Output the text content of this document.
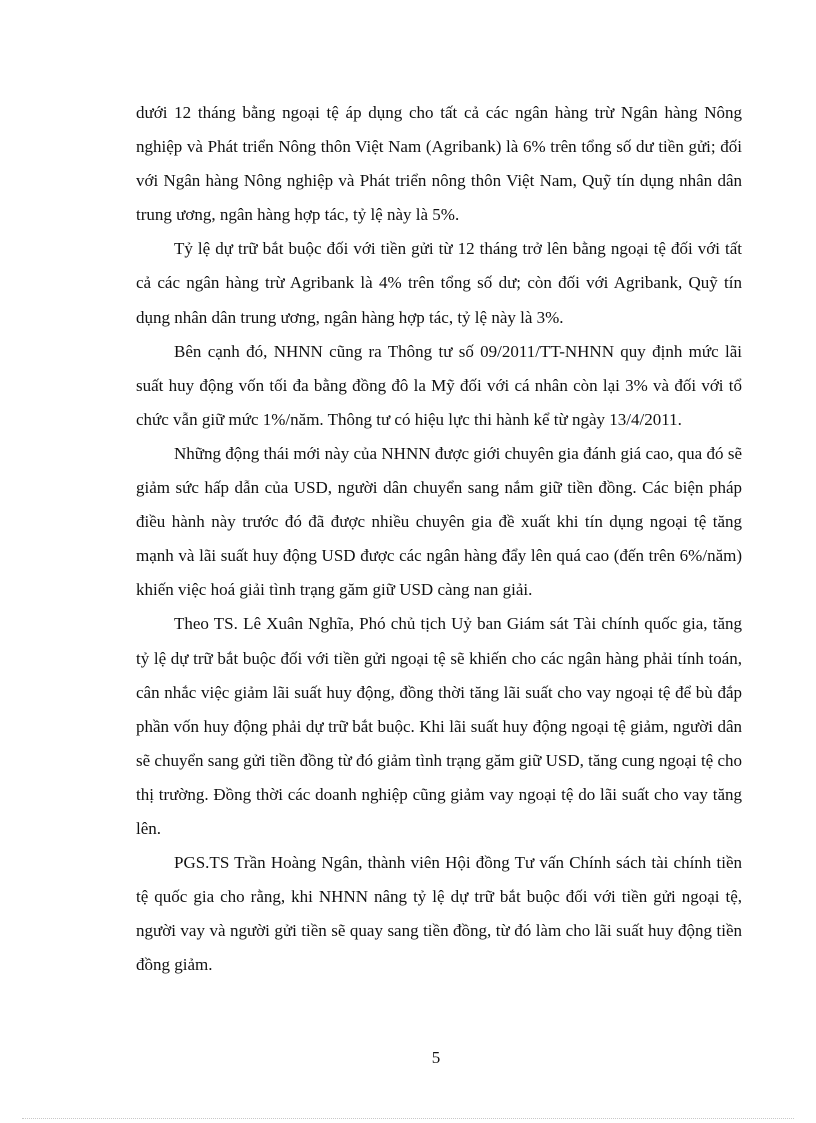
dưới 12 tháng bằng ngoại tệ áp dụng cho tất cả các ngân hàng trừ Ngân hàng Nông nghiệp và Phát triển Nông thôn Việt Nam (Agribank) là 6% trên tổng số dư tiền gửi; đối với Ngân hàng Nông nghiệp và Phát triển nông thôn Việt Nam, Quỹ tín dụng nhân dân trung ương, ngân hàng hợp tác, tỷ lệ này là 5%.

Tỷ lệ dự trữ bắt buộc đối với tiền gửi từ 12 tháng trở lên bằng ngoại tệ đối với tất cả các ngân hàng trừ Agribank là 4% trên tổng số dư; còn đối với Agribank, Quỹ tín dụng nhân dân trung ương, ngân hàng hợp tác, tỷ lệ này là 3%.

Bên cạnh đó, NHNN cũng ra Thông tư số 09/2011/TT-NHNN quy định mức lãi suất huy động vốn tối đa bằng đồng đô la Mỹ đối với cá nhân còn lại 3% và đối với tổ chức vẫn giữ mức 1%/năm. Thông tư có hiệu lực thi hành kể từ ngày 13/4/2011.

Những động thái mới này của NHNN được giới chuyên gia đánh giá cao, qua đó sẽ giảm sức hấp dẫn của USD, người dân chuyển sang nắm giữ tiền đồng. Các biện pháp điều hành này trước đó đã được nhiều chuyên gia đề xuất khi tín dụng ngoại tệ tăng mạnh và lãi suất huy động USD được các ngân hàng đẩy lên quá cao (đến trên 6%/năm) khiến việc hoá giải tình trạng găm giữ USD càng nan giải.

Theo TS. Lê Xuân Nghĩa, Phó chủ tịch Uỷ ban Giám sát Tài chính quốc gia, tăng tỷ lệ dự trữ bắt buộc đối với tiền gửi ngoại tệ sẽ khiến cho các ngân hàng phải tính toán, cân nhắc việc giảm lãi suất huy động, đồng thời tăng lãi suất cho vay ngoại tệ để bù đắp phần vốn huy động phải dự trữ bắt buộc. Khi lãi suất huy động ngoại tệ giảm, người dân sẽ chuyển sang gửi tiền đồng từ đó giảm tình trạng găm giữ USD, tăng cung ngoại tệ cho thị trường. Đồng thời các doanh nghiệp cũng giảm vay ngoại tệ do lãi suất cho vay tăng lên.

PGS.TS Trần Hoàng Ngân, thành viên Hội đồng Tư vấn Chính sách tài chính tiền tệ quốc gia cho rằng, khi NHNN nâng tỷ lệ dự trữ bắt buộc đối với tiền gửi ngoại tệ, người vay và người gửi tiền sẽ quay sang tiền đồng, từ đó làm cho lãi suất huy động tiền đồng giảm.

5
